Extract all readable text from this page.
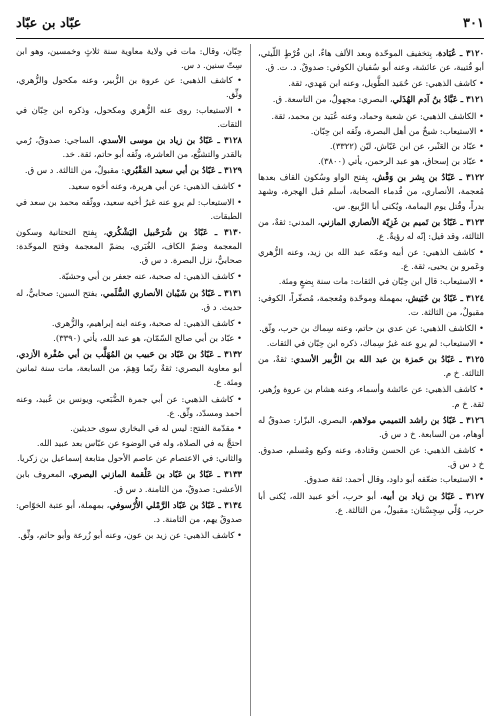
٣٠١
عبّاد بن عبّاد

٣١٢٠ ـ عُبَادة، بِتخفيف الموحّدة وبعد الألف هاءٌ، ابن قُرْطٍ اللّيثي، أبو قُتيبة، عن عائشة، وعنه أبو سُفيان الكوفي: صدوقٌ. د. ت. ق.

• كاشف الذهبي: عن حُمَيد الطَّويل، وعنه ابن مَهدي، ثقة.

٣١٢١ ـ عَبَّادُ بنُ آدم الهُذَلي، البصري: مجهولٌ، من التاسعة. ق.

• الكاشف الذهبي: عن شعبة وحماد، وعنه عُبَيد بن محمد، ثقة.

• الاستيعاب: شيخٌ من أهل البصرة، وثّقه ابن حِبّان.

• عبّاد بن العَنْبر، عن ابن عَيّاش، ليّن (٣٣٢٢).

• عبّاد بن إسحاق، هو عبد الرحمن، يأتي (٣٨٠٠).

٣١٢٢ ـ عَبّادُ بن بِشر بن وَقْش، بِفتح الواو وسُكون القاف بعدها مُعجمة، الأنصاري، من قُدماء الصحابة، أسلم قبل الهجرة، وشهد بدراً، وقُتل يوم اليمامة، ويُكنى أبا الرَّبيع. س.

٣١٢٣ ـ عَبّادُ بن تَميم بن غَزِيّة الأنصاري المازني، المدني: ثقةٌ، من الثالثة، وقد قيل: إنّه له رؤيةٌ. ع.

• كاشف الذهبي: عن أبيه وعمّه عبد الله بن زيد، وعنه الزُّهري وعَمرو بن يحيى، ثقة. ع.

• الاستيعاب: قال ابن حِبّان في الثقات: مات سنة بِضعٍ ومئة.

٣١٢٤ ـ عَبّادُ بن حُبَيش، بمهملة وموحّدة ومُعجمة، مُصغّراً، الكوفي: مقبولٌ، من الثالثة. ت.

• الكاشف الذهبي: عن عدي بن حاتم، وعنه سِماك بن حرب، وثّق.

• الاستيعاب: لم يروِ عنه غيرُ سِماك، ذكره ابن حِبّان في الثقات.

٣١٢٥ ـ عَبّادُ بن حَمزة بن عبد الله بن الزُّبير الأسدي: ثقةٌ، من الثالثة. خ م.

• كاشف الذهبي: عن عائشة وأسماء، وعنه هشام بن عروة وزُهير، ثقة. خ م.

٣١٢٦ ـ عَبّادُ بن راشد التميمي مولاهم، البصري، البزّار: صدوقٌ له أوهام، من السابعة. خ د س ق.

• كاشف الذهبي: عن الحسن وقتادة، وعنه وكيع ومُسلم، صدوق. خ د س ق.

• الاستيعاب: ضعّفه أبو داود، وقال أحمد: ثقة صدوق.

٣١٢٧ ـ عَبّادُ بن زياد بن أبيه، أبو حرب، أخو عبيد الله، يُكنى أبا حرب، وُلّي سِجِسْتان: مقبولٌ، من الثالثة. ع.

حِبّان، وقال: مات في ولاية معاوية سنة ثلاثٍ وخمسين، وهو ابن سِتّ سنين. د س.

• كاشف الذهبي: عن عروة بن الزُّبير، وعنه مكحول والزُّهري، وثِّق.

• الاستيعاب: روى عنه الزُّهري ومكحول، وذكره ابن حِبّان في الثقات.

٣١٢٨ ـ عَبّادُ بن زياد بن موسى الأسدي، الساجي: صدوقٌ، رُمي بالقدر والتشيُّع، من العاشرة، وثّقه أبو حاتم، ثقة. خد.

٣١٢٩ ـ عَبّادُ بن أبي سعيد المَقْبُري: مقبولٌ، من الثالثة. د س ق.

• كاشف الذهبي: عن أبي هريرة، وعنه أخوه سعيد.

• الاستيعاب: لم يروِ عنه غيرُ أخيه سعيد، ووثّقه محمد بن سعد في الطبقات.

٣١٣٠ ـ عَبّادُ بن شُرَحْبيل اليَشْكُري، بِفتح التحتانية وسكون المعجمة وضمّ الكاف، الغُبَري، بضمّ المعجمة وفتح الموحّدة: صحابيٌّ، نزل البصرة. د س ق.

• كاشف الذهبي: له صحبة، عنه جعفر بن أبي وحشيّة.

٣١٣١ ـ عَبّادُ بن شَيْبان الأنصاري السُّلَمي، بفتح السين: صحابيٌّ، له حديث. د ق.

• كاشف الذهبي: له صحبة، وعنه ابنه إبراهيم، والزُّهري.

• عبّاد بن أبي صالح السّمّان، هو عبد الله، يأتي (٣٣٩٠).

٣١٣٢ ـ عَبّادُ بن عَبّاد بن حَبيب بن المُهَلَّب بن أبي صُفْرة الأزدي، أبو معاوية البصري: ثقةٌ ربّما وَهِمَ، من السابعة، مات سنة ثمانين ومئة. ع.

• كاشف الذهبي: عن أبي جمرة الضُّبَعي، ويونس بن عُبيد، وعنه أحمد ومسدّد، وثِّق. ع.

• مقدّمة الفتح: ليس له في البخاري سوى حديثين.

احتجَّ به في الصلاة، وله في الوضوء عن عبّاس بعد عبيد الله.

والثاني: في الاعتصام عن عاصم الأحول متابعة إسماعيل بن زكريا.

٣١٣٣ ـ عَبّادُ بن عَبّاد بن عَلْقمة المازني البصري، المعروف بابن الأعشى: صدوقٌ، من الثامنة. د س ق.

٣١٣٤ ـ عَبّادُ بن عَبّاد الرَّمْلي الأُرْسوفي، بمهملة، أبو عتبة الخوّاص: صدوقٌ يهم، من الثامنة. د.

• كاشف الذهبي: عن زيد بن عون، وعنه أبو زُرعة وأبو حاتم، وثِّق.
